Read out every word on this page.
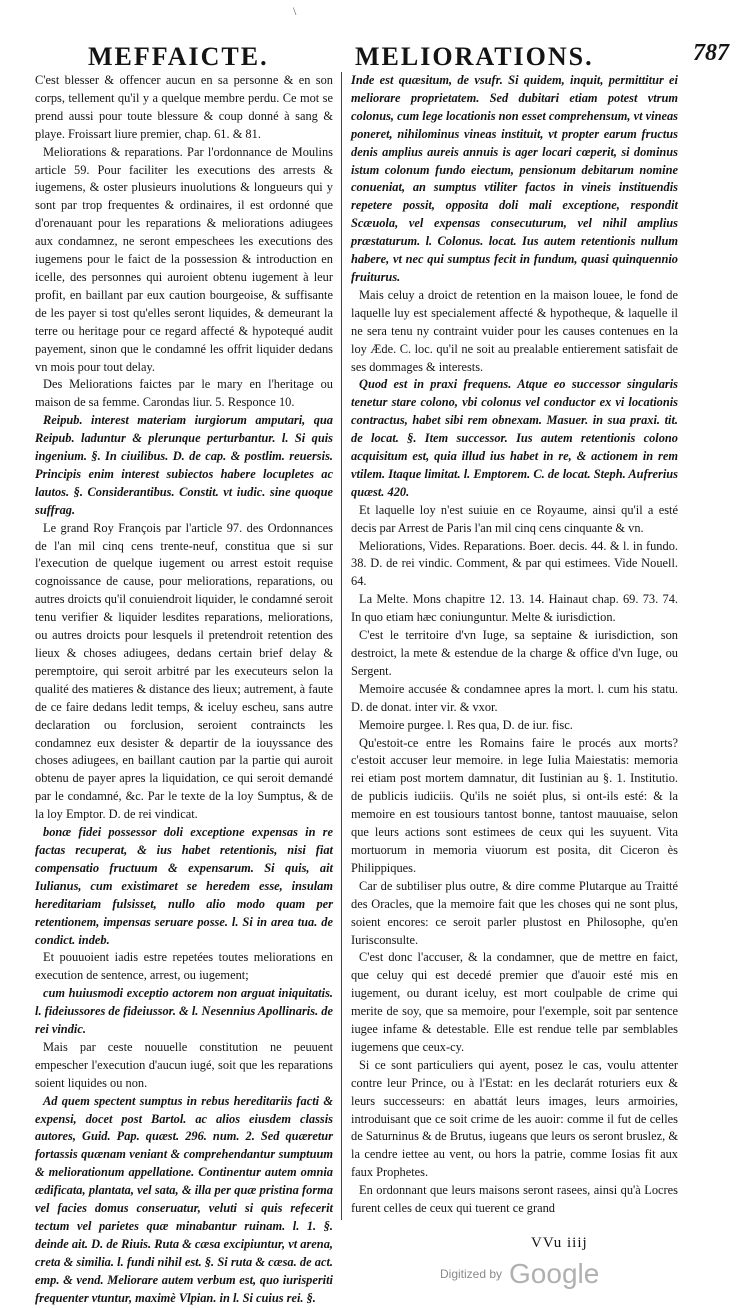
\
MEFFAICTE.	MELIORATIONS.	787

C'est blesser & offencer aucun en sa personne & en son corps, tellement qu'il y a quelque membre perdu. Ce mot se prend aussi pour toute blessure & coup donné à sang & playe. Froissart liure premier, chap. 61. & 81.

Meliorations & reparations. Par l'ordonnance de Moulins article 59. Pour faciliter les executions des arrests & iugemens, & oster plusieurs inuolutions & longueurs qui y sont par trop frequentes & ordinaires, il est ordonné que d'orenauant pour les reparations & meliorations adiugees aux condamnez, ne seront empeschees les executions des iugemens pour le faict de la possession & introduction en icelle, des personnes qui auroient obtenu iugement à leur profit, en baillant par eux caution bourgeoise, & suffisante de les payer si tost qu'elles seront liquides, & demeurant la terre ou heritage pour ce regard affecté & hypotequé audit payement, sinon que le condamné les offrit liquider dedans vn mois pour tout delay.

Des Meliorations faictes par le mary en l'heritage ou maison de sa femme. Carondas liur. 5. Responce 10.

Reipub. interest materiam iurgiorum amputari, qua Reipub. laduntur & plerunque perturbantur. l. Si quis ingenium. §. In ciuilibus. D. de cap. & postlim. reuersis. Principis enim interest subiectos habere locupletes ac lautos. §. Considerantibus. Constit. vt iudic. sine quoque suffrag.

Le grand Roy François par l'article 97. des Ordonnances de l'an mil cinq cens trente-neuf, constitua que si sur l'execution de quelque iugement ou arrest estoit requise cognoissance de cause, pour meliorations, reparations, ou autres droicts qu'il conuiendroit liquider, le condamné seroit tenu verifier & liquider lesdites reparations, meliorations, ou autres droicts pour lesquels il pretendroit retention des lieux & choses adiugees, dedans certain brief delay & peremptoire, qui seroit arbitré par les executeurs selon la qualité des matieres & distance des lieux; autrement, à faute de ce faire dedans ledit temps, & iceluy escheu, sans autre declaration ou forclusion, seroient contraincts les condamnez eux desister & departir de la iouyssance des choses adiugees, en baillant caution par la partie qui auroit obtenu de payer apres la liquidation, ce qui seroit demandé par le condamné, &c. Par le texte de la loy Sumptus, & de la loy Emptor. D. de rei vindicat.

bonæ fidei possessor doli exceptione expensas in re factas recuperat, & ius habet retentionis, nisi fiat compensatio fructuum & expensarum. Si quis, ait Iulianus, cum existimaret se heredem esse, insulam hereditariam fulsisset, nullo alio modo quam per retentionem, impensas seruare posse. l. Si in area tua. de condict. indeb.

Et pouuoient iadis estre repetées toutes meliorations en execution de sentence, arrest, ou iugement;

cum huiusmodi exceptio actorem non arguat iniquitatis. l. fideiussores de fideiussor. & l. Nesennius Apollinaris. de rei vindic.

Mais par ceste nouuelle constitution ne peuuent empescher l'execution d'aucun iugé, soit que les reparations soient liquides ou non.

Ad quem spectent sumptus in rebus hereditariis facti & expensi, docet post Bartol. ac alios eiusdem classis autores, Guid. Pap. quæst. 296. num. 2. Sed quæretur fortassis quænam veniant & comprehendantur sumptuum & meliorationum appellatione. Continentur autem omnia ædificata, plantata, vel sata, & illa per quæ pristina forma vel facies domus conseruatur, veluti si quis refecerit tectum vel parietes quæ minabantur ruinam. l. 1. §. deinde ait. D. de Riuis. Ruta & cæsa excipiuntur, vt arena, creta & similia. l. fundi nihil est. §. Si ruta & cæsa. de act. emp. & vend. Meliorare autem verbum est, quo iurisperiti frequenter vtuntur, maximè Vlpian. in l. Si cuius rei. §.

Inde est quæsitum, de vsufr. Si quidem, inquit, permittitur ei meliorare proprietatem. Sed dubitari etiam potest vtrum colonus, cum lege locationis non esset comprehensum, vt vineas poneret, nihilominus vineas instituit, vt propter earum fructus denis amplius aureis annuis is ager locari cœperit, si dominus istum colonum fundo eiectum, pensionum debitarum nomine conueniat, an sumptus vtiliter factos in vineis instituendis repetere possit, opposita doli mali exceptione, respondit Scæuola, vel expensas consecuturum, vel nihil amplius præstaturum. l. Colonus. locat. Ius autem retentionis nullum habere, vt nec qui sumptus fecit in fundum, quasi quinquennio fruiturus.

Mais celuy a droict de retention en la maison louee, le fond de laquelle luy est specialement affecté & hypotheque, & laquelle il ne sera tenu ny contraint vuider pour les causes contenues en la loy Æde. C. loc. qu'il ne soit au prealable entierement satisfait de ses dommages & interests.

Quod est in praxi frequens. Atque eo successor singularis tenetur stare colono, vbi colonus vel conductor ex vi locationis contractus, habet sibi rem obnexam. Masuer. in sua praxi. tit. de locat. §. Item successor. Ius autem retentionis colono acquisitum est, quia illud ius habet in re, & actionem in rem vtilem. Itaque limitat. l. Emptorem. C. de locat. Steph. Aufrerius quæst. 420.

Et laquelle loy n'est suiuie en ce Royaume, ainsi qu'il a esté decis par Arrest de Paris l'an mil cinq cens cinquante & vn.

Meliorations, Vides. Reparations. Boer. decis. 44. & l. in fundo. 38. D. de rei vindic. Comment, & par qui estimees. Vide Nouell. 64.

La Melte. Mons chapitre 12. 13. 14. Hainaut chap. 69. 73. 74. In quo etiam hæc coniunguntur. Melte & iurisdiction.

C'est le territoire d'vn Iuge, sa septaine & iurisdiction, son destroict, la mete & estendue de la charge & office d'vn Iuge, ou Sergent.

Memoire accusée & condamnee apres la mort. l. cum his statu. D. de donat. inter vir. & vxor.

Memoire purgee. l. Res qua, D. de iur. fisc.

Qu'estoit-ce entre les Romains faire le procés aux morts? c'estoit accuser leur memoire. in lege Iulia Maiestatis: memoria rei etiam post mortem damnatur, dit Iustinian au §. 1. Institutio. de publicis iudiciis. Qu'ils ne soiét plus, si ont-ils esté: & la memoire en est tousiours tantost bonne, tantost mauuaise, selon que leurs actions sont estimees de ceux qui les suyuent. Vita mortuorum in memoria viuorum est posita, dit Ciceron ès Philippiques.

Car de subtiliser plus outre, & dire comme Plutarque au Traitté des Oracles, que la memoire fait que les choses qui ne sont plus, soient encores: ce seroit parler plustost en Philosophe, qu'en Iurisconsulte.

C'est donc l'accuser, & la condamner, que de mettre en faict, que celuy qui est decedé premier que d'auoir esté mis en iugement, ou durant iceluy, est mort coulpable de crime qui merite de soy, que sa memoire, pour l'exemple, soit par sentence iugee infame & detestable. Elle est rendue telle par semblables iugemens que ceux-cy.

Si ce sont particuliers qui ayent, posez le cas, voulu attenter contre leur Prince, ou à l'Estat: en les declarát roturiers eux & leurs successeurs: en abattát leurs images, leurs armoiries, introduisant que ce soit crime de les auoir: comme il fut de celles de Saturninus & de Brutus, iugeans que leurs os seront bruslez, & la cendre iettee au vent, ou hors la patrie, comme Iosias fit aux faux Prophetes.

En ordonnant que leurs maisons seront rasees, ainsi qu'à Locres furent celles de ceux qui tuerent ce grand

VVu iiij
Digitized by Google
